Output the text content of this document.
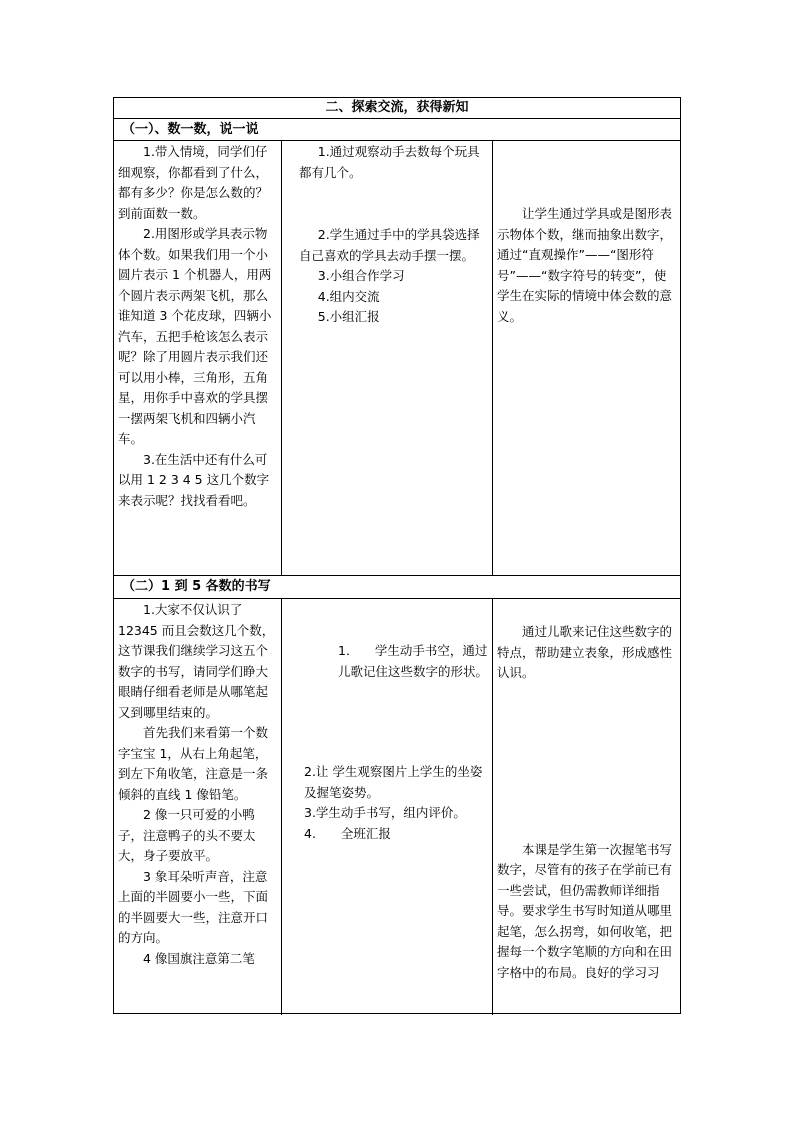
二、探索交流，获得新知
（一）、数一数，说一说

1.带入情境，同学们仔细观察，你都看到了什么，都有多少？你是怎么数的？到前面数一数。

2.用图形或学具表示物体个数。如果我们用一个小圆片表示 1 个机器人，用两个圆片表示两架飞机，那么谁知道 3 个花皮球，四辆小汽车，五把手枪该怎么表示呢？除了用圆片表示我们还可以用小棒，三角形，五角星，用你手中喜欢的学具摆一摆两架飞机和四辆小汽车。

3.在生活中还有什么可以用 1 2 3 4 5 这几个数字来表示呢？找找看看吧。

1.通过观察动手去数每个玩具都有几个。

2.学生通过手中的学具袋选择自己喜欢的学具去动手摆一摆。

3.小组合作学习

4.组内交流

5.小组汇报

让学生通过学具或是图形表示物体个数，继而抽象出数字，通过“直观操作”——“图形符号”——“数字符号的转变”，使学生在实际的情境中体会数的意义。

（二）1 到 5 各数的书写

1.大家不仅认识了 12345 而且会数这几个数，这节课我们继续学习这五个数字的书写，请同学们睁大眼睛仔细看老师是从哪笔起又到哪里结束的。

首先我们来看第一个数字宝宝 1，从右上角起笔，到左下角收笔，注意是一条倾斜的直线 1 像铅笔。

2 像一只可爱的小鸭子，注意鸭子的头不要太大，身子要放平。

3 象耳朵听声音，注意上面的半圆要小一些，下面的半圆要大一些，注意开口的方向。

4 像国旗注意第二笔

1.　　学生动手书空，通过儿歌记住这些数字的形状。

2.让 学生观察图片上学生的坐姿 及握笔姿势。

3.学生动手书写，组内评价。

4.　　全班汇报

通过儿歌来记住这些数字的特点，帮助建立表象，形成感性认识。

本课是学生第一次握笔书写数字，尽管有的孩子在学前已有一些尝试，但仍需教师详细指导。要求学生书写时知道从哪里起笔，怎么拐弯，如何收笔，把握每一个数字笔顺的方向和在田字格中的布局。良好的学习习
